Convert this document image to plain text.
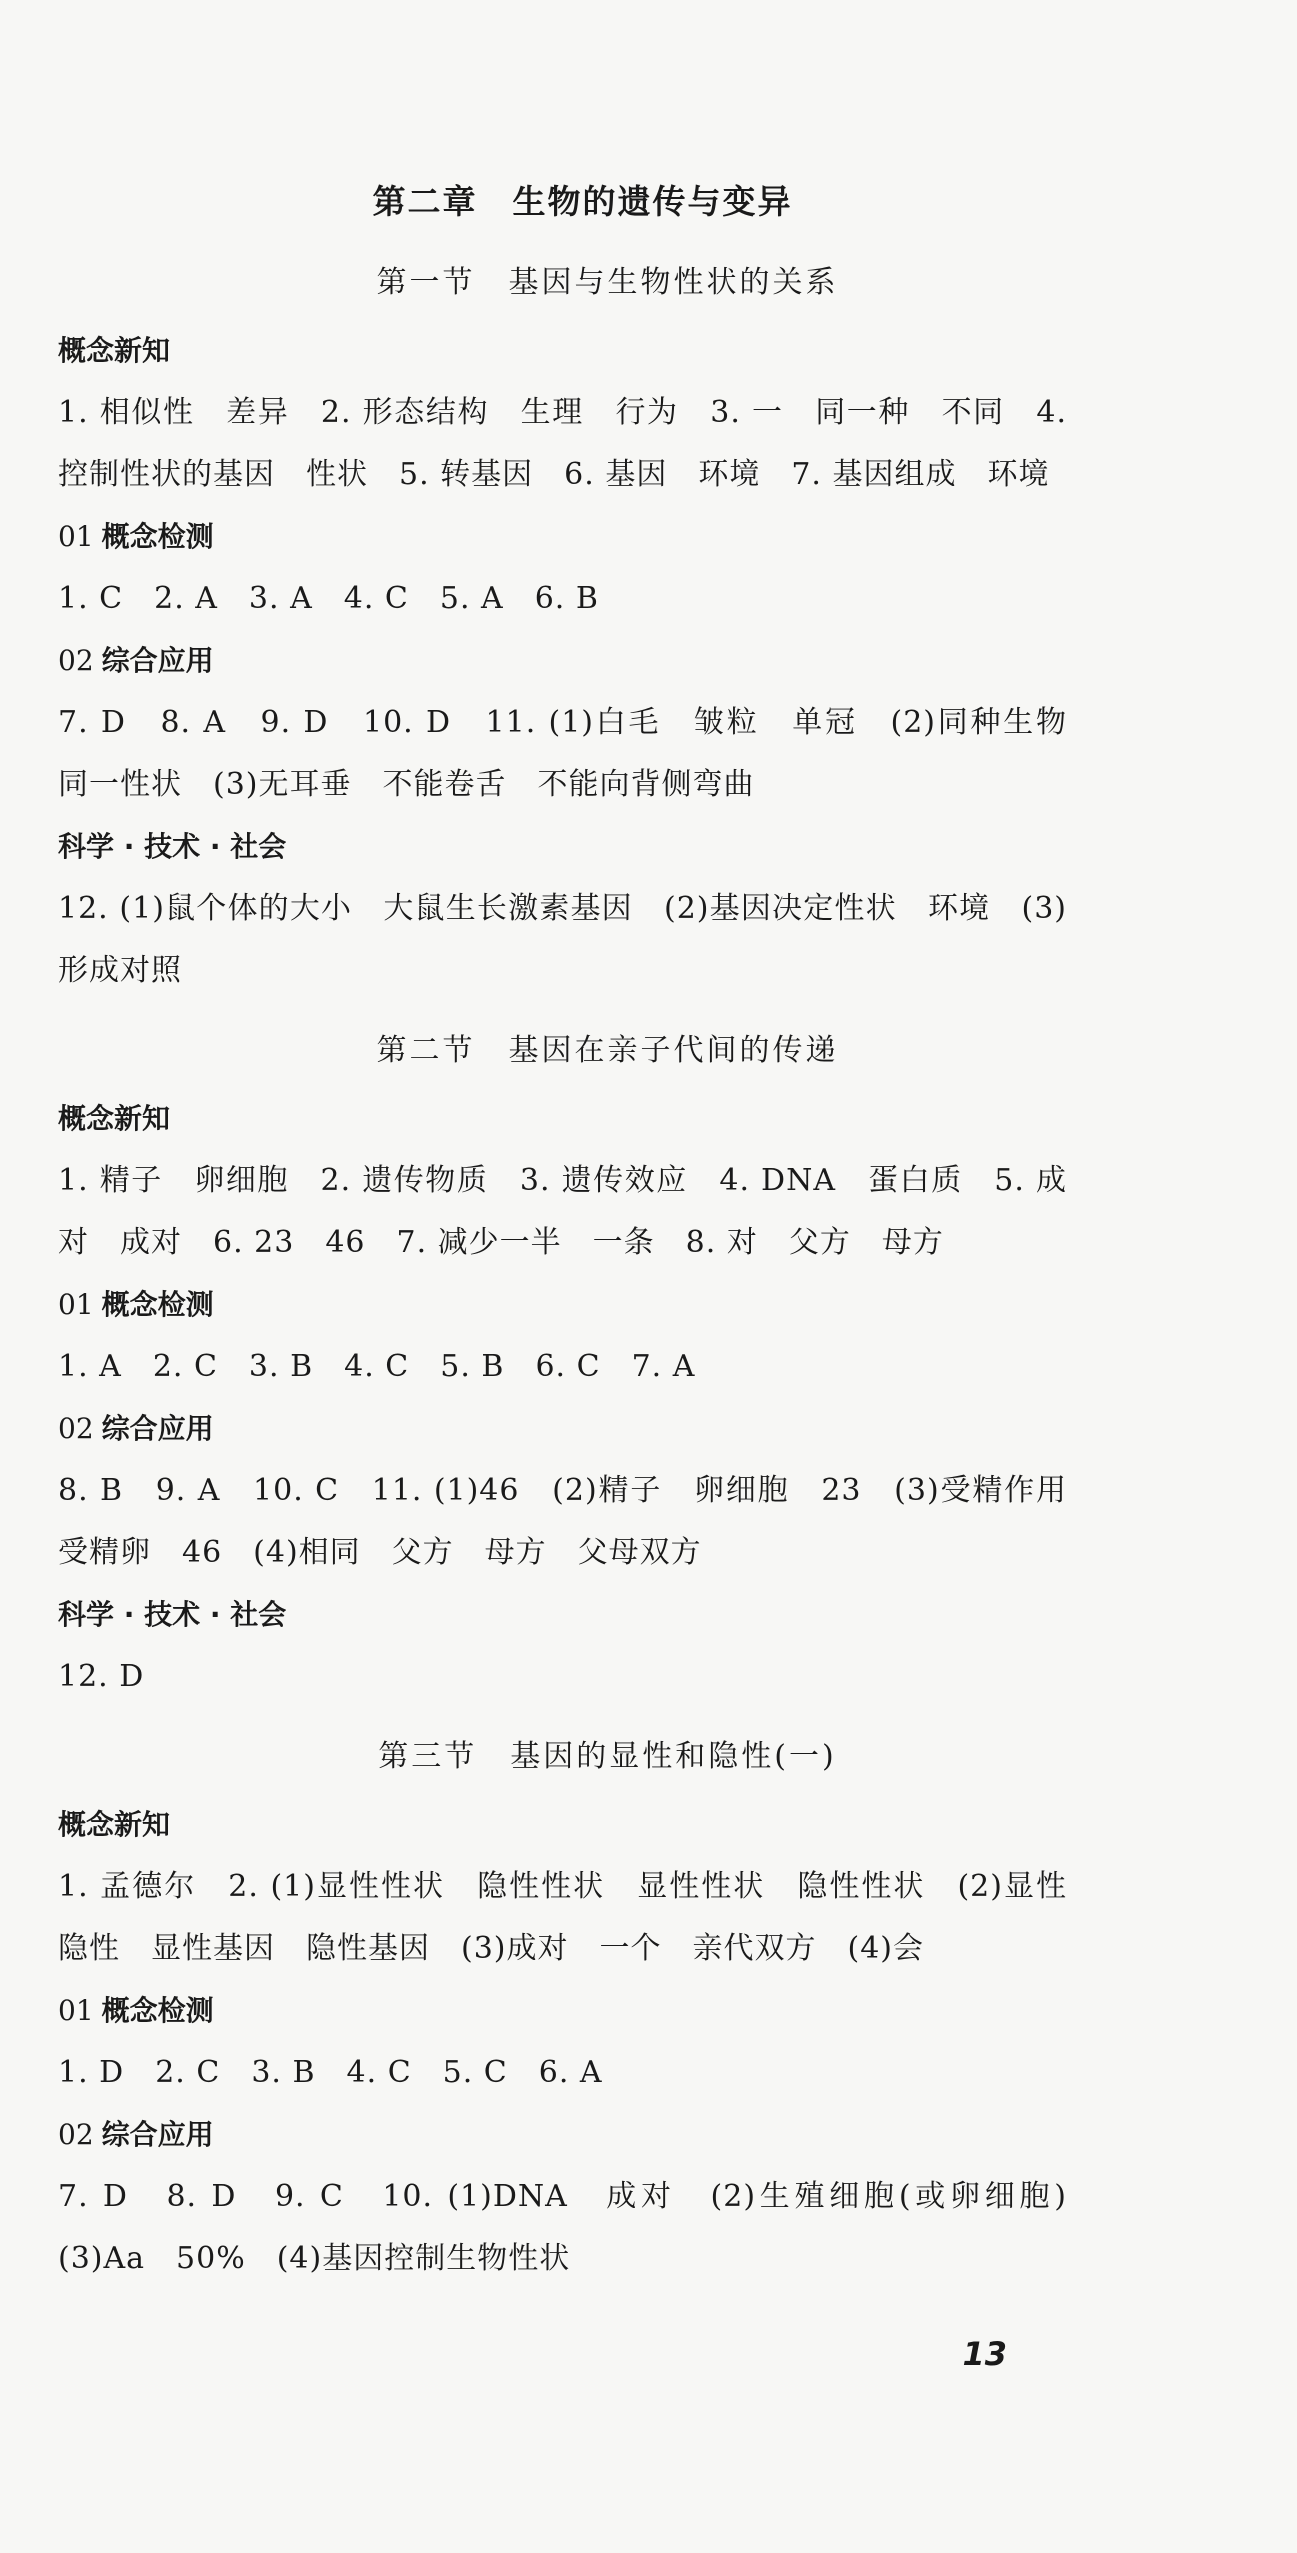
第二章　生物的遗传与变异
第一节　基因与生物性状的关系
概念新知
1. 相似性　差异　2. 形态结构　生理　行为　3. 一　同一种　不同　4. 控制性状的基因　性状　5. 转基因　6. 基因　环境　7. 基因组成　环境
01 概念检测
1. C　2. A　3. A　4. C　5. A　6. B
02 综合应用
7. D　8. A　9. D　10. D　11. (1)白毛　皱粒　单冠　(2)同种生物　同一性状　(3)无耳垂　不能卷舌　不能向背侧弯曲
科学 · 技术 · 社会
12. (1)鼠个体的大小　大鼠生长激素基因　(2)基因决定性状　环境　(3)形成对照
第二节　基因在亲子代间的传递
概念新知
1. 精子　卵细胞　2. 遗传物质　3. 遗传效应　4. DNA　蛋白质　5. 成对　成对　6. 23　46　7. 减少一半　一条　8. 对　父方　母方
01 概念检测
1. A　2. C　3. B　4. C　5. B　6. C　7. A
02 综合应用
8. B　9. A　10. C　11. (1)46　(2)精子　卵细胞　23　(3)受精作用　受精卵　46　(4)相同　父方　母方　父母双方
科学 · 技术 · 社会
12. D
第三节　基因的显性和隐性(一)
概念新知
1. 孟德尔　2. (1)显性性状　隐性性状　显性性状　隐性性状　(2)显性　隐性　显性基因　隐性基因　(3)成对　一个　亲代双方　(4)会
01 概念检测
1. D　2. C　3. B　4. C　5. C　6. A
02 综合应用
7. D　8. D　9. C　10. (1)DNA　成对　(2)生殖细胞(或卵细胞)　(3)Aa　50%　(4)基因控制生物性状
13
